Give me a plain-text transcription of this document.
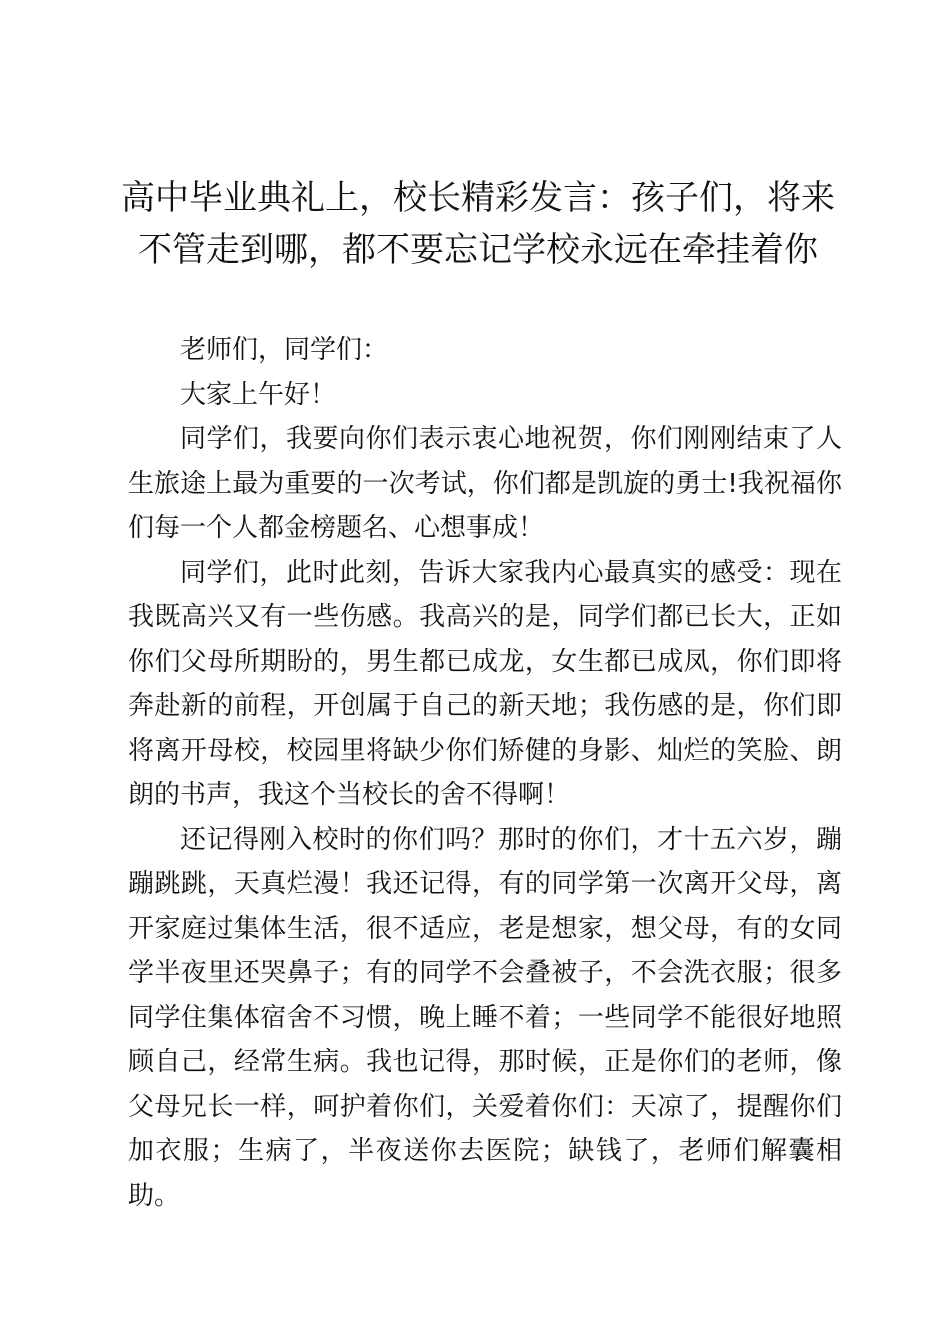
高中毕业典礼上，校长精彩发言：孩子们，将来不管走到哪，都不要忘记学校永远在牵挂着你

老师们，同学们：

大家上午好！

同学们，我要向你们表示衷心地祝贺，你们刚刚结束了人生旅途上最为重要的一次考试，你们都是凯旋的勇士!我祝福你们每一个人都金榜题名、心想事成！

同学们，此时此刻，告诉大家我内心最真实的感受：现在我既高兴又有一些伤感。我高兴的是，同学们都已长大，正如你们父母所期盼的，男生都已成龙，女生都已成凤，你们即将奔赴新的前程，开创属于自己的新天地；我伤感的是，你们即将离开母校，校园里将缺少你们矫健的身影、灿烂的笑脸、朗朗的书声，我这个当校长的舍不得啊！

还记得刚入校时的你们吗？那时的你们，才十五六岁，蹦蹦跳跳，天真烂漫！我还记得，有的同学第一次离开父母，离开家庭过集体生活，很不适应，老是想家，想父母，有的女同学半夜里还哭鼻子；有的同学不会叠被子，不会洗衣服；很多同学住集体宿舍不习惯，晚上睡不着；一些同学不能很好地照顾自己，经常生病。我也记得，那时候，正是你们的老师，像父母兄长一样，呵护着你们，关爱着你们：天凉了，提醒你们加衣服；生病了，半夜送你去医院；缺钱了，老师们解囊相助。
